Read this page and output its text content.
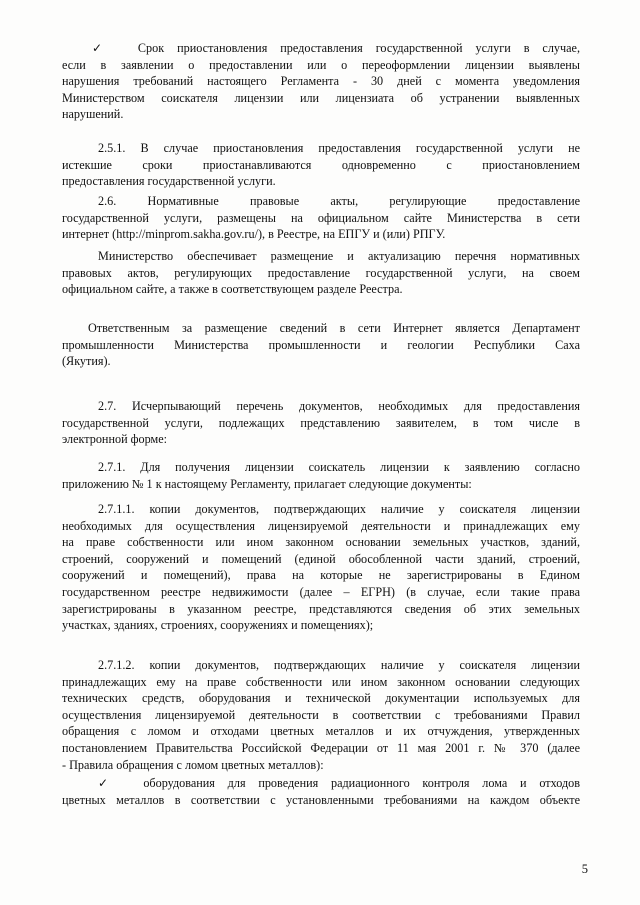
✓ Срок приостановления предоставления государственной услуги в случае,
если в заявлении о предоставлении или о переоформлении лицензии выявлены
нарушения требований настоящего Регламента - 30 дней с момента уведомления
Министерством соискателя лицензии или лицензиата об устранении выявленных
нарушений.
2.5.1. В случае приостановления предоставления государственной услуги не
истекшие сроки приостанавливаются одновременно с приостановлением
предоставления государственной услуги.
2.6. Нормативные правовые акты, регулирующие предоставление
государственной услуги, размещены на официальном сайте Министерства в сети
интернет (http://minprom.sakha.gov.ru/), в Реестре, на ЕПГУ и (или) РПГУ.
Министерство обеспечивает размещение и актуализацию перечня нормативных
правовых актов, регулирующих предоставление государственной услуги, на своем
официальном сайте, а также в соответствующем разделе Реестра.
Ответственным за размещение сведений в сети Интернет является Департамент
промышленности Министерства промышленности и геологии Республики Саха
(Якутия).
2.7. Исчерпывающий перечень документов, необходимых для предоставления
государственной услуги, подлежащих представлению заявителем, в том числе в
электронной форме:
2.7.1. Для получения лицензии соискатель лицензии к заявлению согласно
приложению № 1 к настоящему Регламенту, прилагает следующие документы:
2.7.1.1. копии документов, подтверждающих наличие у соискателя лицензии
необходимых для осуществления лицензируемой деятельности и принадлежащих ему
на праве собственности или ином законном основании земельных участков, зданий,
строений, сооружений и помещений (единой обособленной части зданий, строений,
сооружений и помещений), права на которые не зарегистрированы в Едином
государственном реестре недвижимости (далее – ЕГРН) (в случае, если такие права
зарегистрированы в указанном реестре, представляются сведения об этих земельных
участках, зданиях, строениях, сооружениях и помещениях);
2.7.1.2. копии документов, подтверждающих наличие у соискателя лицензии
принадлежащих ему на праве собственности или ином законном основании следующих
технических средств, оборудования и технической документации используемых для
осуществления лицензируемой деятельности в соответствии с требованиями Правил
обращения с ломом и отходами цветных металлов и их отчуждения, утвержденных
постановлением Правительства Российской Федерации от 11 мая 2001 г. № 370 (далее
- Правила обращения с ломом цветных металлов):
✓ оборудования для проведения радиационного контроля лома и отходов
цветных металлов в соответствии с установленными требованиями на каждом объекте
5
